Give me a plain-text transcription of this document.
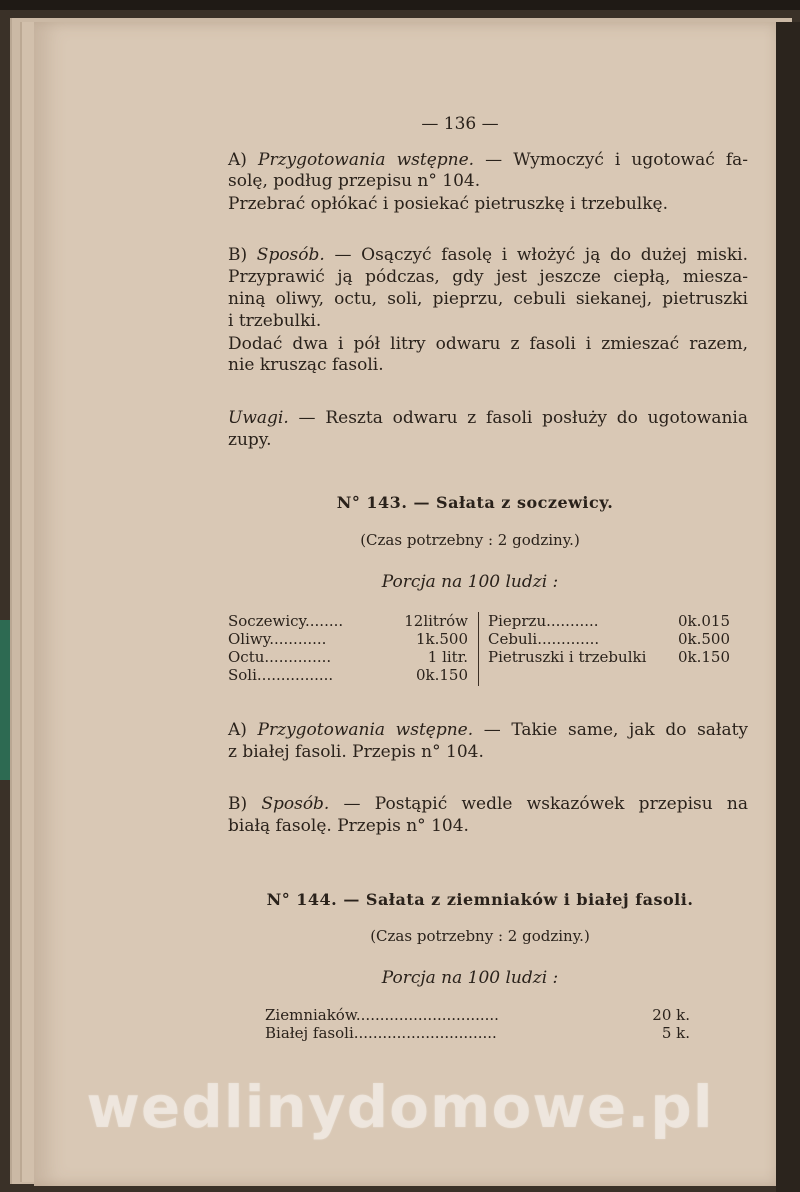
— 136 —
A) Przygotowania wstępne. — Wymoczyć i ugotować fa-
solę, podług przepisu n° 104.
Przebrać opłókać i posiekać pietruszkę i trzebulkę.
B) Sposób. — Osączyć fasolę i włożyć ją do dużej miski.
Przyprawić ją pódczas, gdy jest jeszcze ciepłą, miesza-
niną oliwy, octu, soli, pieprzu, cebuli siekanej, pietruszki
i trzebulki.
Dodać dwa i pół litry odwaru z fasoli i zmieszać razem,
nie krusząc fasoli.
Uwagi. — Reszta odwaru z fasoli posłuży do ugotowania
zupy.
N° 143. — Sałata z soczewicy.
(Czas potrzebny : 2 godziny.)
Porcja na 100 ludzi :
Soczewicy........	12litrów
Oliwy............	1k.500
Octu..............	1 litr.
Soli................	0k.150
Pieprzu...........	0k.015
Cebuli.............	0k.500
Pietruszki i trzebulki	0k.150
A) Przygotowania wstępne. — Takie same, jak do sałaty
z białej fasoli. Przepis n° 104.
B) Sposób. — Postąpić wedle wskazówek przepisu na
białą fasolę. Przepis n° 104.
N° 144. — Sałata z ziemniaków i białej fasoli.
(Czas potrzebny : 2 godziny.)
Porcja na 100 ludzi :
Ziemniaków..............................	20 k.
Białej fasoli..............................	5 k.
wedlinydomowe.pl
